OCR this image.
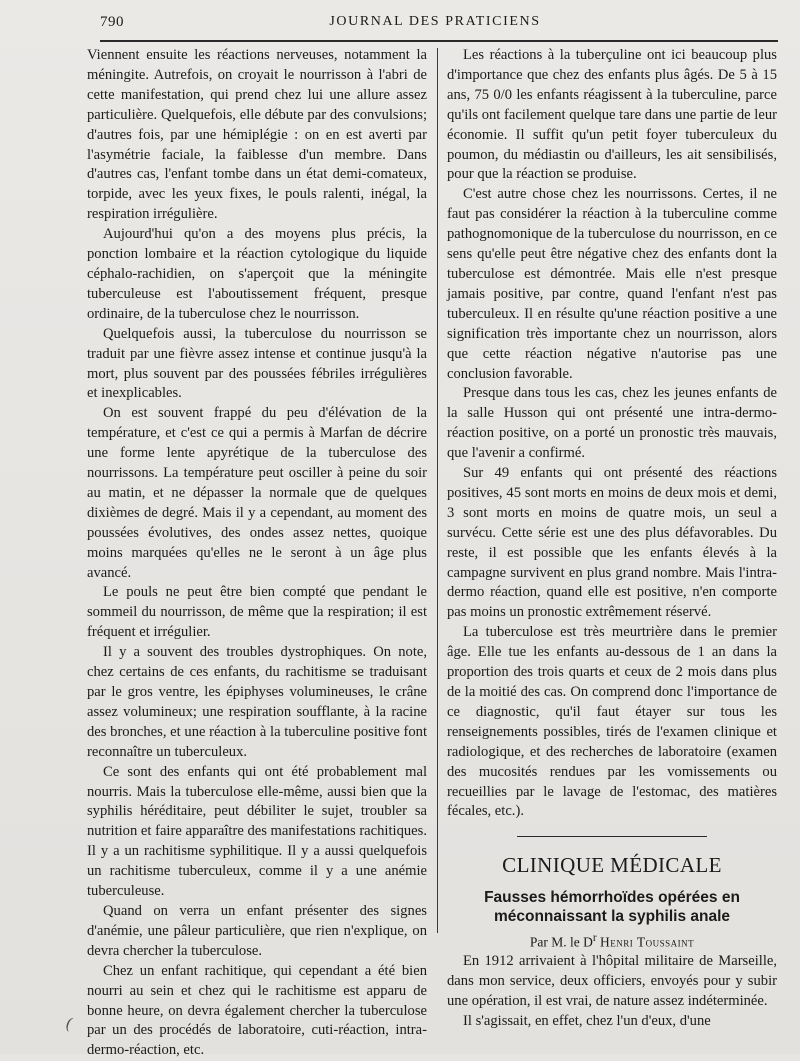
790	JOURNAL DES PRATICIENS

Viennent ensuite les réactions nerveuses, notamment la méningite. Autrefois, on croyait le nourrisson à l'abri de cette manifestation, qui prend chez lui une allure assez particulière. Quelquefois, elle débute par des convulsions; d'autres fois, par une hémiplégie : on en est averti par l'asymétrie faciale, la faiblesse d'un membre. Dans d'autres cas, l'enfant tombe dans un état demi-comateux, torpide, avec les yeux fixes, le pouls ralenti, inégal, la respiration irrégulière.

Aujourd'hui qu'on a des moyens plus précis, la ponction lombaire et la réaction cytologique du liquide céphalo-rachidien, on s'aperçoit que la méningite tuberculeuse est l'aboutissement fréquent, presque ordinaire, de la tuberculose chez le nourrisson.

Quelquefois aussi, la tuberculose du nourrisson se traduit par une fièvre assez intense et continue jusqu'à la mort, plus souvent par des poussées fébriles irrégulières et inexplicables.

On est souvent frappé du peu d'élévation de la température, et c'est ce qui a permis à Marfan de décrire une forme lente apyrétique de la tuberculose des nourrissons. La température peut osciller à peine du soir au matin, et ne dépasser la normale que de quelques dixièmes de degré. Mais il y a cependant, au moment des poussées évolutives, des ondes assez nettes, quoique moins marquées qu'elles ne le seront à un âge plus avancé.

Le pouls ne peut être bien compté que pendant le sommeil du nourrisson, de même que la respiration; il est fréquent et irrégulier.

Il y a souvent des troubles dystrophiques. On note, chez certains de ces enfants, du rachitisme se traduisant par le gros ventre, les épiphyses volumineuses, le crâne assez volumineux; une respiration soufflante, à la racine des bronches, et une réaction à la tuberculine positive font reconnaître un tuberculeux.

Ce sont des enfants qui ont été probablement mal nourris. Mais la tuberculose elle-même, aussi bien que la syphilis héréditaire, peut débiliter le sujet, troubler sa nutrition et faire apparaître des manifestations rachitiques. Il y a un rachitisme syphilitique. Il y a aussi quelquefois un rachitisme tuberculeux, comme il y a une anémie tuberculeuse.

Quand on verra un enfant présenter des signes d'anémie, une pâleur particulière, que rien n'explique, on devra chercher la tuberculose.

Chez un enfant rachitique, qui cependant a été bien nourri au sein et chez qui le rachitisme est apparu de bonne heure, on devra également chercher la tuberculose par un des procédés de laboratoire, cuti-réaction, intra-dermo-réaction, etc.

Les réactions à la tuberçuline ont ici beaucoup plus d'importance que chez des enfants plus âgés. De 5 à 15 ans, 75 0/0 les enfants réagissent à la tuberculine, parce qu'ils ont facilement quelque tare dans une partie de leur économie. Il suffit qu'un petit foyer tuberculeux du poumon, du médiastin ou d'ailleurs, les ait sensibilisés, pour que la réaction se produise.

C'est autre chose chez les nourrissons. Certes, il ne faut pas considérer la réaction à la tuberculine comme pathognomonique de la tuberculose du nourrisson, en ce sens qu'elle peut être négative chez des enfants dont la tuberculose est démontrée. Mais elle n'est presque jamais positive, par contre, quand l'enfant n'est pas tuberculeux. Il en résulte qu'une réaction positive a une signification très importante chez un nourrisson, alors que cette réaction négative n'autorise pas une conclusion favorable.

Presque dans tous les cas, chez les jeunes enfants de la salle Husson qui ont présenté une intra-dermo-réaction positive, on a porté un pronostic très mauvais, que l'avenir a confirmé.

Sur 49 enfants qui ont présenté des réactions positives, 45 sont morts en moins de deux mois et demi, 3 sont morts en moins de quatre mois, un seul a survécu. Cette série est une des plus défavorables. Du reste, il est possible que les enfants élevés à la campagne survivent en plus grand nombre. Mais l'intra-dermo réaction, quand elle est positive, n'en comporte pas moins un pronostic extrêmement réservé.

La tuberculose est très meurtrière dans le premier âge. Elle tue les enfants au-dessous de 1 an dans la proportion des trois quarts et ceux de 2 mois dans plus de la moitié des cas. On comprend donc l'importance de ce diagnostic, qu'il faut étayer sur tous les renseignements possibles, tirés de l'examen clinique et radiologique, et des recherches de laboratoire (examen des mucosités rendues par les vomissements ou recueillies par le lavage de l'estomac, des matières fécales, etc.).

CLINIQUE MÉDICALE
Fausses hémorrhoïdes opérées en méconnaissant la syphilis anale
Par M. le $D^r$ Henri Toussaint

En 1912 arrivaient à l'hôpital militaire de Marseille, dans mon service, deux officiers, envoyés pour y subir une opération, il est vrai, de nature assez indéterminée.

Il s'agissait, en effet, chez l'un d'eux, d'une

(
